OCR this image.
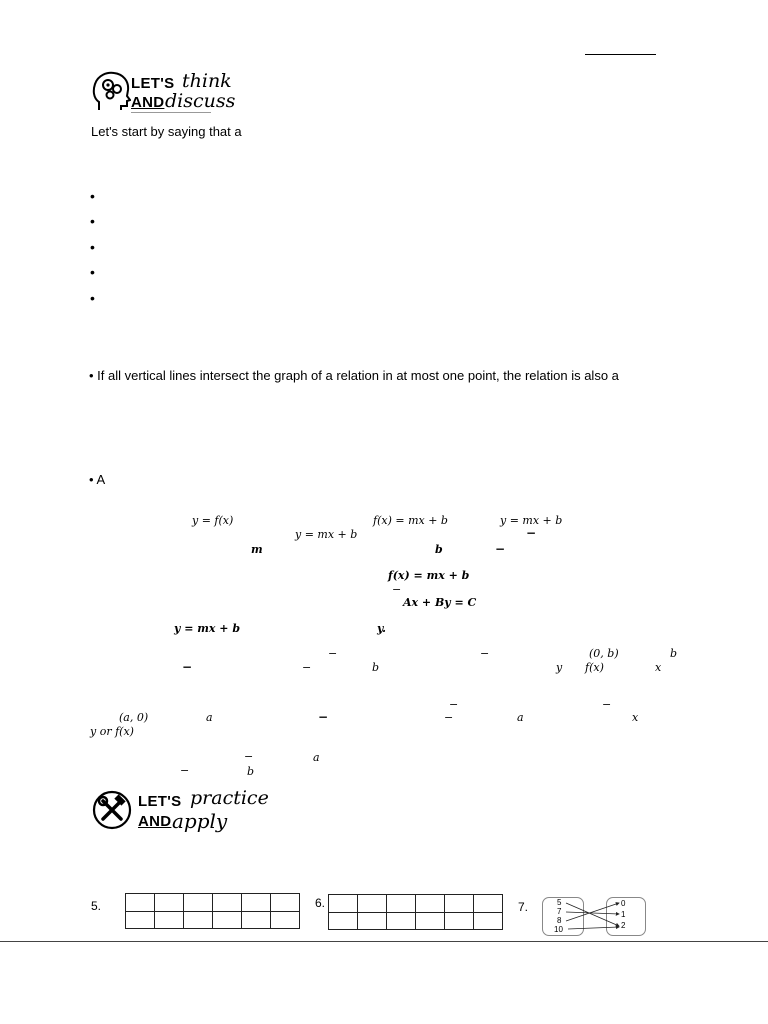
LET'S think
AND discuss
Let's start by saying that a
•
•
•
•
•
• If all vertical lines intersect the graph of a relation in at most one point, the relation is also a
• A
y = f(x)	f(x) = mx + b	y = mx + b
y = mx + b	−
m	b	−
f(x) = mx + b
−
Ax + By = C
y = mx + b	y.
−	−	(0, b)	b
−	−	b	y f(x)	x
−	−
(a, 0)	a	−	−	a	x
y or f(x)
−	a
−	b
LET'S practice
AND apply
5.

						6.

						7.	5
7
8
10
0
1
2
